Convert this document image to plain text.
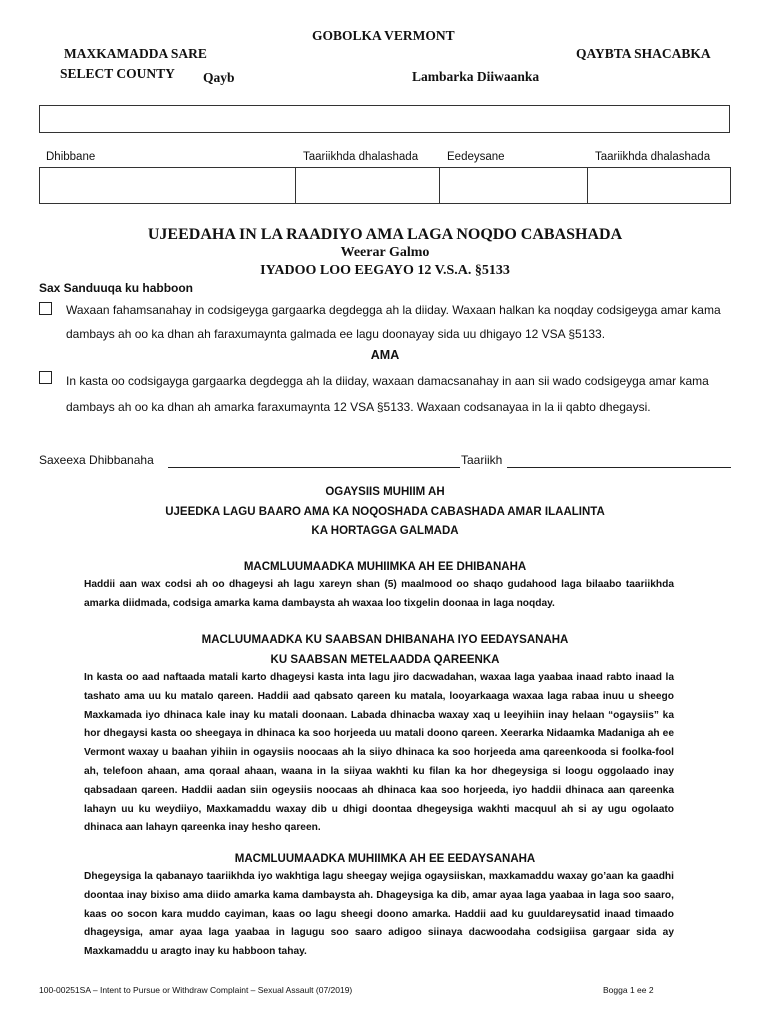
GOBOLKA VERMONT
MAXKAMADDA SARE	QAYBTA SHACABKA
SELECT COUNTY Qayb	Lambarka Diiwaanka
Dhibbane	Taariikhda dhalashada	Eedeysane	Taariikhda dhalashada
UJEEDAHA IN LA RAADIYO AMA LAGA NOQDO CABASHADA
Weerar Galmo
IYADOO LOO EEGAYO 12 V.S.A. §5133
Sax Sanduuqa ku habboon
Waxaan fahamsanahay in codsigeyga gargaarka degdegga ah la diiday. Waxaan halkan ka noqday codsigeyga amar kama dambays ah oo ka dhan ah faraxumaynta galmada ee lagu doonayay sida uu dhigayo 12 VSA §5133.
AMA
In kasta oo codsigayga gargaarka degdegga ah la diiday, waxaan damacsanahay in aan sii wado codsigeyga amar kama dambays ah oo ka dhan ah amarka faraxumaynta 12 VSA §5133. Waxaan codsanayaa in la ii qabto dhegaysi.
Saxeexa Dhibbanaha	Taariikh
OGAYSIIS MUHIIM AH
UJEEDKA LAGU BAARO AMA KA NOQOSHADA CABASHADA AMAR ILAALINTA
KA HORTAGGA GALMADA
MACMLUUMAADKA MUHIIMKA AH EE DHIBANAHA
Haddii aan wax codsi ah oo dhageysi ah lagu xareyn shan (5) maalmood oo shaqo gudahood laga bilaabo taariikhda amarka diidmada, codsiga amarka kama dambaysta ah waxaa loo tixgelin doonaa in laga noqday.
MACLUUMAADKA KU SAABSAN DHIBANAHA IYO EEDAYSANAHA
KU SAABSAN METELAADDA QAREENKA
In kasta oo aad naftaada matali karto dhageysi kasta inta lagu jiro dacwadahan, waxaa laga yaabaa inaad rabto inaad la tashato ama uu ku matalo qareen. Haddii aad qabsato qareen ku matala, looyarkaaga waxaa laga rabaa inuu u sheego Maxkamada iyo dhinaca kale inay ku matali doonaan. Labada dhinacba waxay xaq u leeyihiin inay helaan “ogaysiis” ka hor dhegaysi kasta oo sheegaya in dhinaca ka soo horjeeda uu matali doono qareen. Xeerarka Nidaamka Madaniga ah ee Vermont waxay u baahan yihiin in ogaysiis noocaas ah la siiyo dhinaca ka soo horjeeda ama qareenkooda si foolka-fool ah, telefoon ahaan, ama qoraal ahaan, waana in la siiyaa wakhti ku filan ka hor dhegeysiga si loogu oggolaado inay qabsadaan qareen. Haddii aadan siin ogeysiis noocaas ah dhinaca kaa soo horjeeda, iyo haddii dhinaca aan qareenka lahayn uu ku weydiiyo, Maxkamaddu waxay dib u dhigi doontaa dhegeysiga wakhti macquul ah si ay ugu ogolaato dhinaca aan lahayn qareenka inay hesho qareen.
MACMLUUMAADKA MUHIIMKA AH EE EEDAYSANAHA
Dhegeysiga la qabanayo taariikhda iyo wakhtiga lagu sheegay wejiga ogaysiiskan, maxkamaddu waxay go’aan ka gaadhi doontaa inay bixiso ama diido amarka kama dambaysta ah. Dhageysiga ka dib, amar ayaa laga yaabaa in laga soo saaro, kaas oo socon kara muddo cayiman, kaas oo lagu sheegi doono amarka. Haddii aad ku guuldareysatid inaad timaado dhageysiga, amar ayaa laga yaabaa in lagugu soo saaro adigoo siinaya dacwoodaha codsigiisa gargaar sida ay Maxkamaddu u aragto inay ku habboon tahay.
100-00251SA – Intent to Pursue or Withdraw Complaint – Sexual Assault (07/2019)	Bogga 1 ee 2
